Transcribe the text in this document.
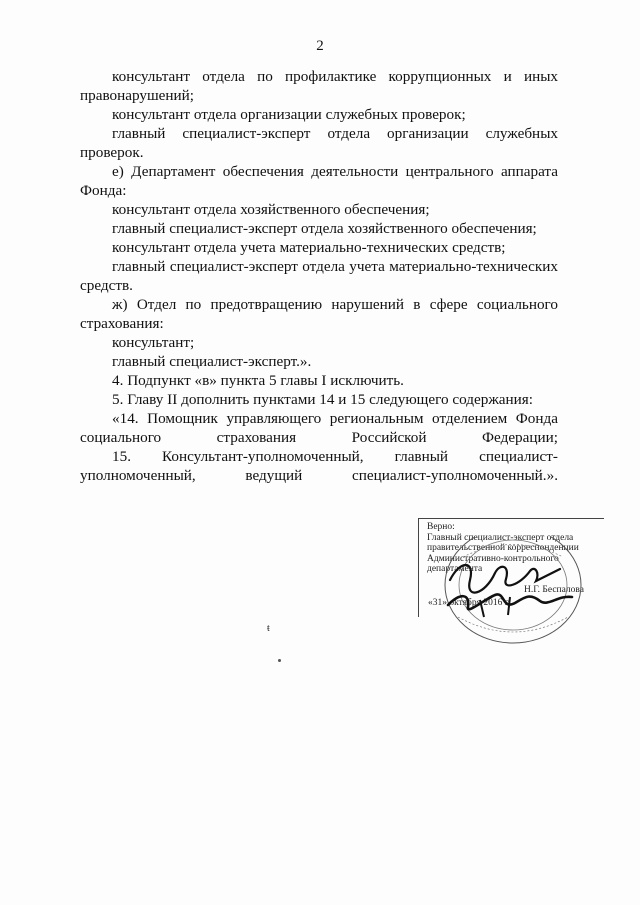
2

консультант отдела по профилактике коррупционных и иных правонарушений;

консультант отдела организации служебных проверок;

главный специалист-эксперт отдела организации служебных проверок.

е) Департамент обеспечения деятельности центрального аппарата Фонда:

консультант отдела хозяйственного обеспечения;

главный специалист-эксперт отдела хозяйственного обеспечения;

консультант отдела учета материально-технических средств;

главный специалист-эксперт отдела учета материально-технических средств.

ж) Отдел по предотвращению нарушений в сфере социального страхования:

консультант;

главный специалист-эксперт.».

4. Подпункт «в» пункта 5 главы I исключить.

5. Главу II дополнить пунктами 14 и 15 следующего содержания:

«14. Помощник управляющего региональным отделением Фонда социального страхования Российской Федерации;

15. Консультант-уполномоченный, главный специалист-уполномоченный, ведущий специалист-уполномоченный.».

Верно:
Главный специалист-эксперт отдела
правительственной корреспонденции
Административно-контрольного
департамента
Н.Г. Беспалова
«31» октября 2016 г.
ŧ
